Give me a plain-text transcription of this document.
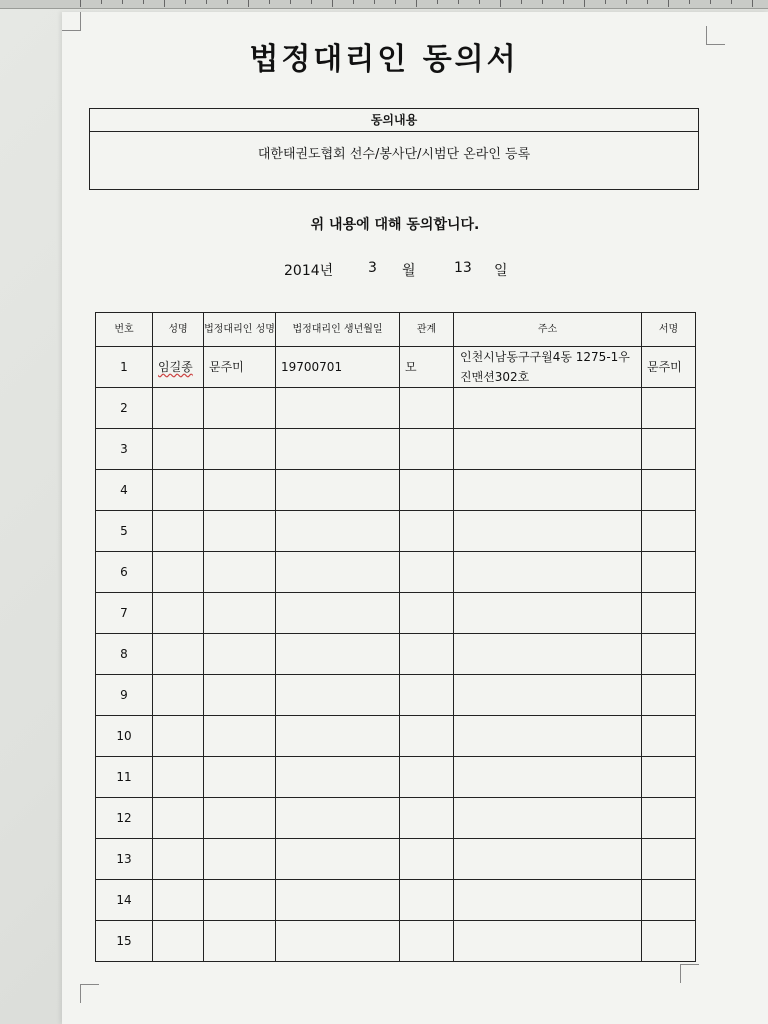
법정대리인 동의서
동의내용
대한태권도협회 선수/봉사단/시범단 온라인 등록
위 내용에 대해 동의합니다.
2014년 3 월	13 일
번호	성명	법정대리인 성명	법정대리인 생년월일	관계	주소	서명
1	임길종	문주미	19700701	모	인천시남동구구월4동 1275-1우진맨션302호	문주미
2						
3						
4						
5						
6						
7						
8						
9						
10						
11						
12						
13						
14						
15						
